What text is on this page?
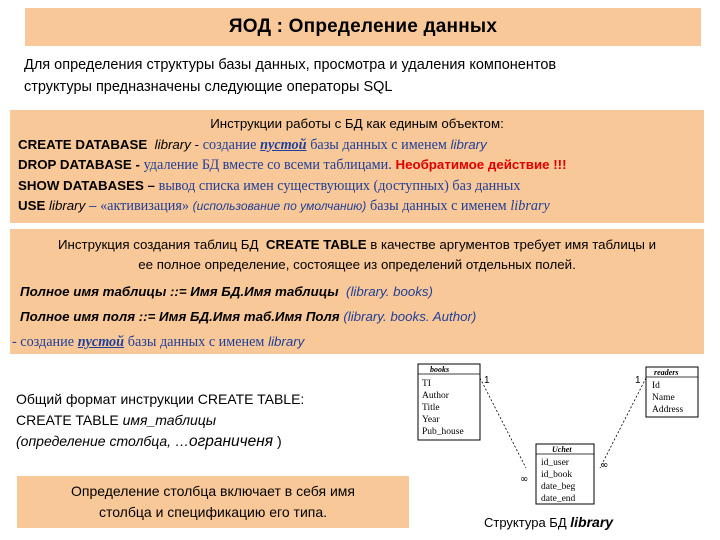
ЯОД : Определение данных
Для определения структуры базы данных, просмотра и удаления компонентов
структуры предназначены следующие операторы SQL
Инструкции работы с БД как единым объектом:
CREATE DATABASE library - создание пустой базы данных с именем library
DROP DATABASE - удаление БД вместе со всеми таблицами. Необратимое действие !!!
SHOW DATABASES – вывод списка имен существующих (доступных) баз данных
USE library – «активизация» (использование по умолчанию) базы данных с именем library
Инструкция создания таблиц БД CREATE TABLE в качестве аргументов требует имя таблицы и
ее полное определение, состоящее из определений отдельных полей.
Полное имя таблицы ::= Имя БД.Имя таблицы (library. books)
Полное имя поля ::= Имя БД.Имя таб.Имя Поля (library. books. Author)
- создание пустой базы данных с именем library
Общий формат инструкции CREATE TABLE:
CREATE TABLE имя_таблицы
(определение столбца, …ограниченя )
Определение столбца включает в себя имя
столбца и спецификацию его типа.
1	1
∞
∞
books
TI
Author
Title
Year
Pub_house
readers
Id
Name
Address
Uchet
id_user
id_book
date_beg
date_end
Структура БД library
